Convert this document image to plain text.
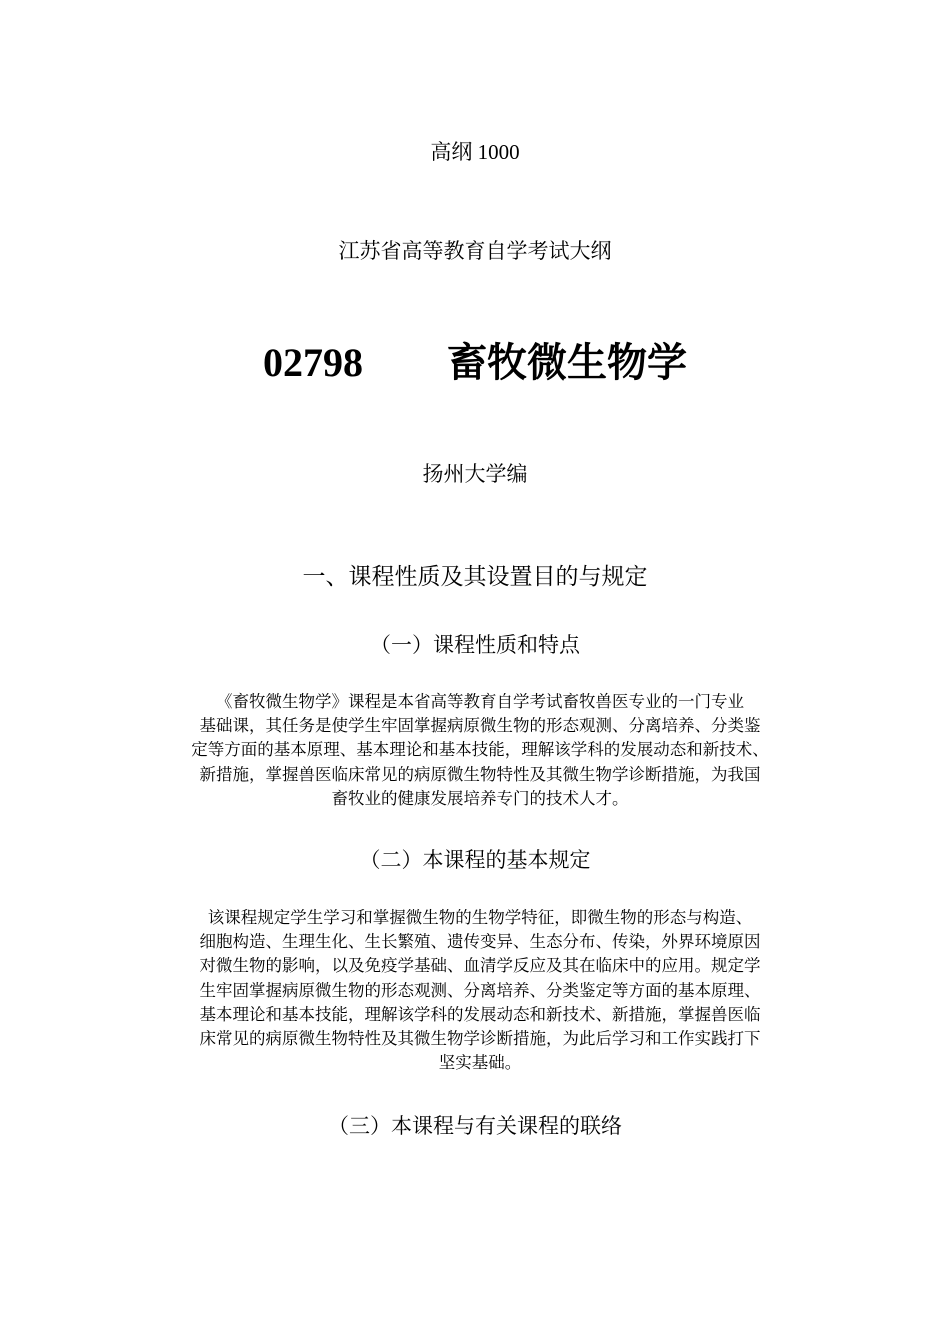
高纲 1000
江苏省高等教育自学考试大纲
02798 畜牧微生物学
扬州大学编
一、课程性质及其设置目的与规定
（一）课程性质和特点
《畜牧微生物学》课程是本省高等教育自学考试畜牧兽医专业的一门专业
基础课，其任务是使学生牢固掌握病原微生物的形态观测、分离培养、分类鉴
定等方面的基本原理、基本理论和基本技能，理解该学科的发展动态和新技术、
新措施，掌握兽医临床常见的病原微生物特性及其微生物学诊断措施，为我国
畜牧业的健康发展培养专门的技术人才。
（二）本课程的基本规定
该课程规定学生学习和掌握微生物的生物学特征，即微生物的形态与构造、
细胞构造、生理生化、生长繁殖、遗传变异、生态分布、传染，外界环境原因
对微生物的影响，以及免疫学基础、血清学反应及其在临床中的应用。规定学
生牢固掌握病原微生物的形态观测、分离培养、分类鉴定等方面的基本原理、
基本理论和基本技能，理解该学科的发展动态和新技术、新措施，掌握兽医临
床常见的病原微生物特性及其微生物学诊断措施，为此后学习和工作实践打下
坚实基础。
（三）本课程与有关课程的联络
